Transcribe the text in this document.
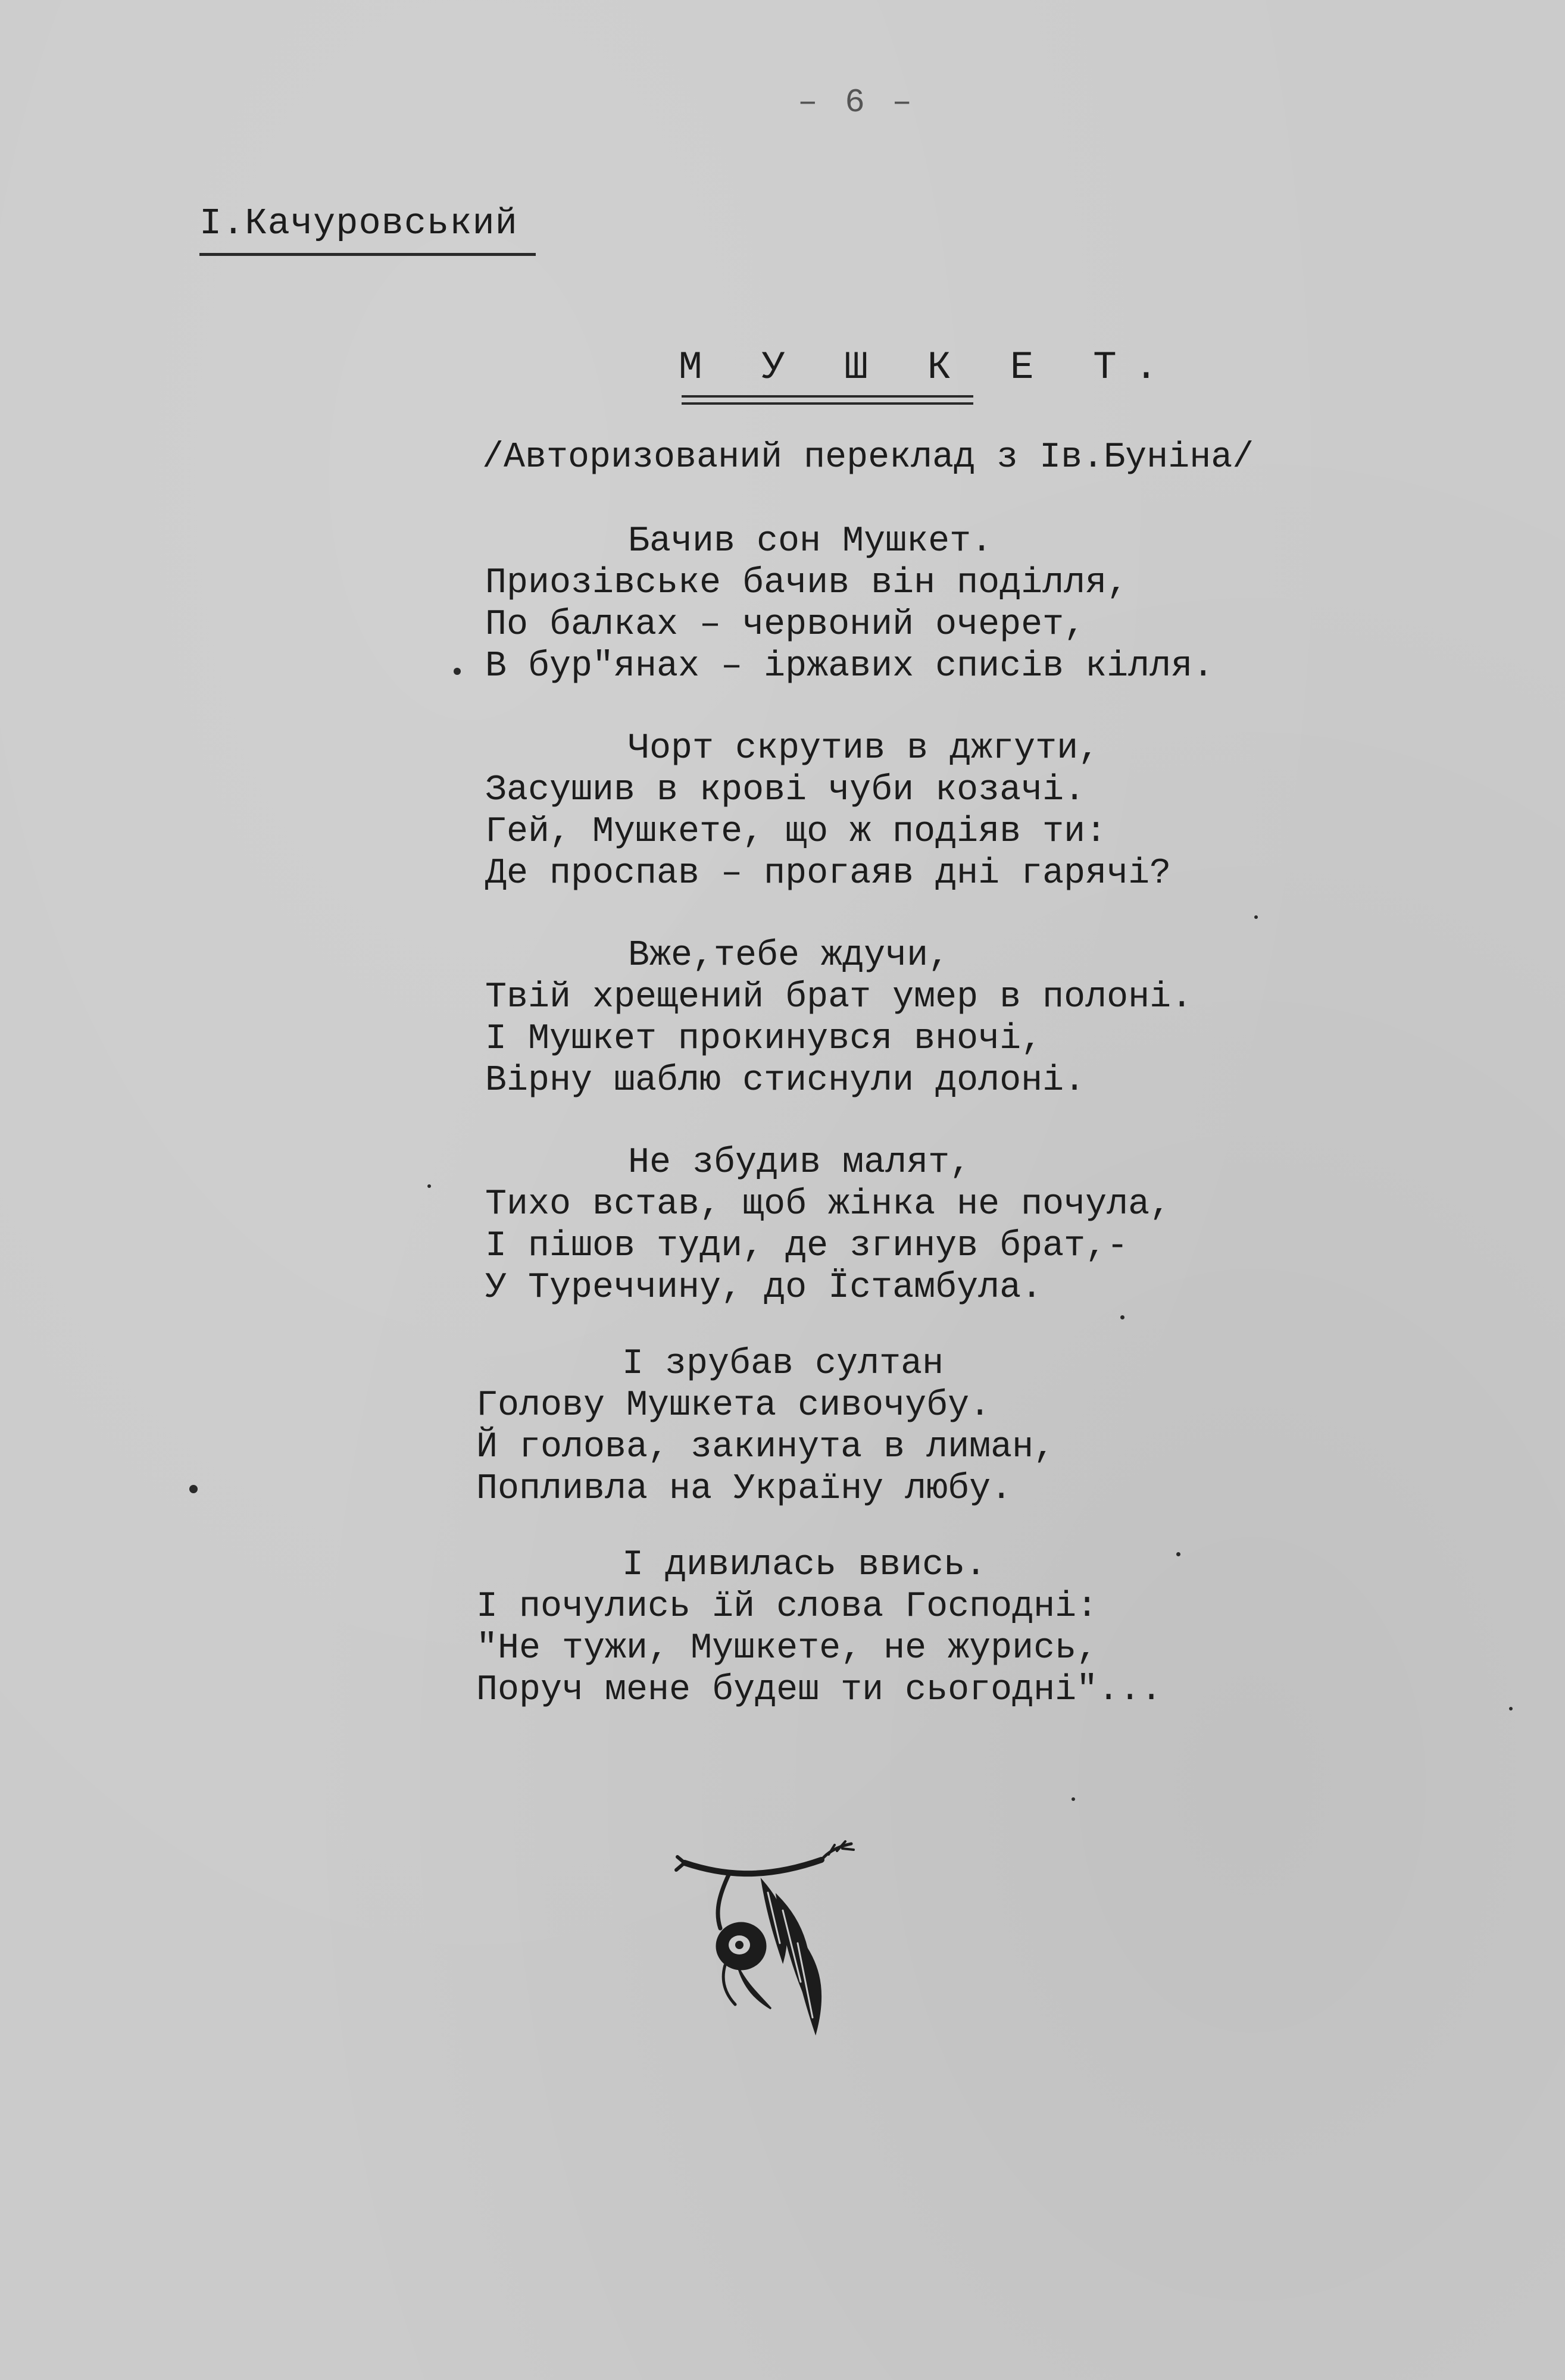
– 6 –
І.Качуровський
М У Ш К Е Т.
/Авторизований переклад з Ів.Буніна/
Бачив сон Мушкет.
Приозівське бачив він поділля,
По балках – червоний очерет,
В бур"янах – іржавих списів кілля.
Чорт скрутив в джгути,
Засушив в крові чуби козачі.
Гей, Мушкете, що ж подіяв ти:
Де проспав – прогаяв дні гарячі?
Вже,тебе ждучи,
Твій хрещений брат умер в полоні.
І Мушкет прокинувся вночі,
Вірну шаблю стиснули долоні.
Не збудив малят,
Тихо встав, щоб жінка не почула,
І пішов туди, де згинув брат,-
У Туреччину, до Їстамбула.
І зрубав султан
Голову Мушкета сивочубу.
Й голова, закинута в лиман,
Попливла на Україну любу.
І дивилась ввись.
І почулись їй слова Господні:
"Не тужи, Мушкете, не журись,
Поруч мене будеш ти сьогодні"...
